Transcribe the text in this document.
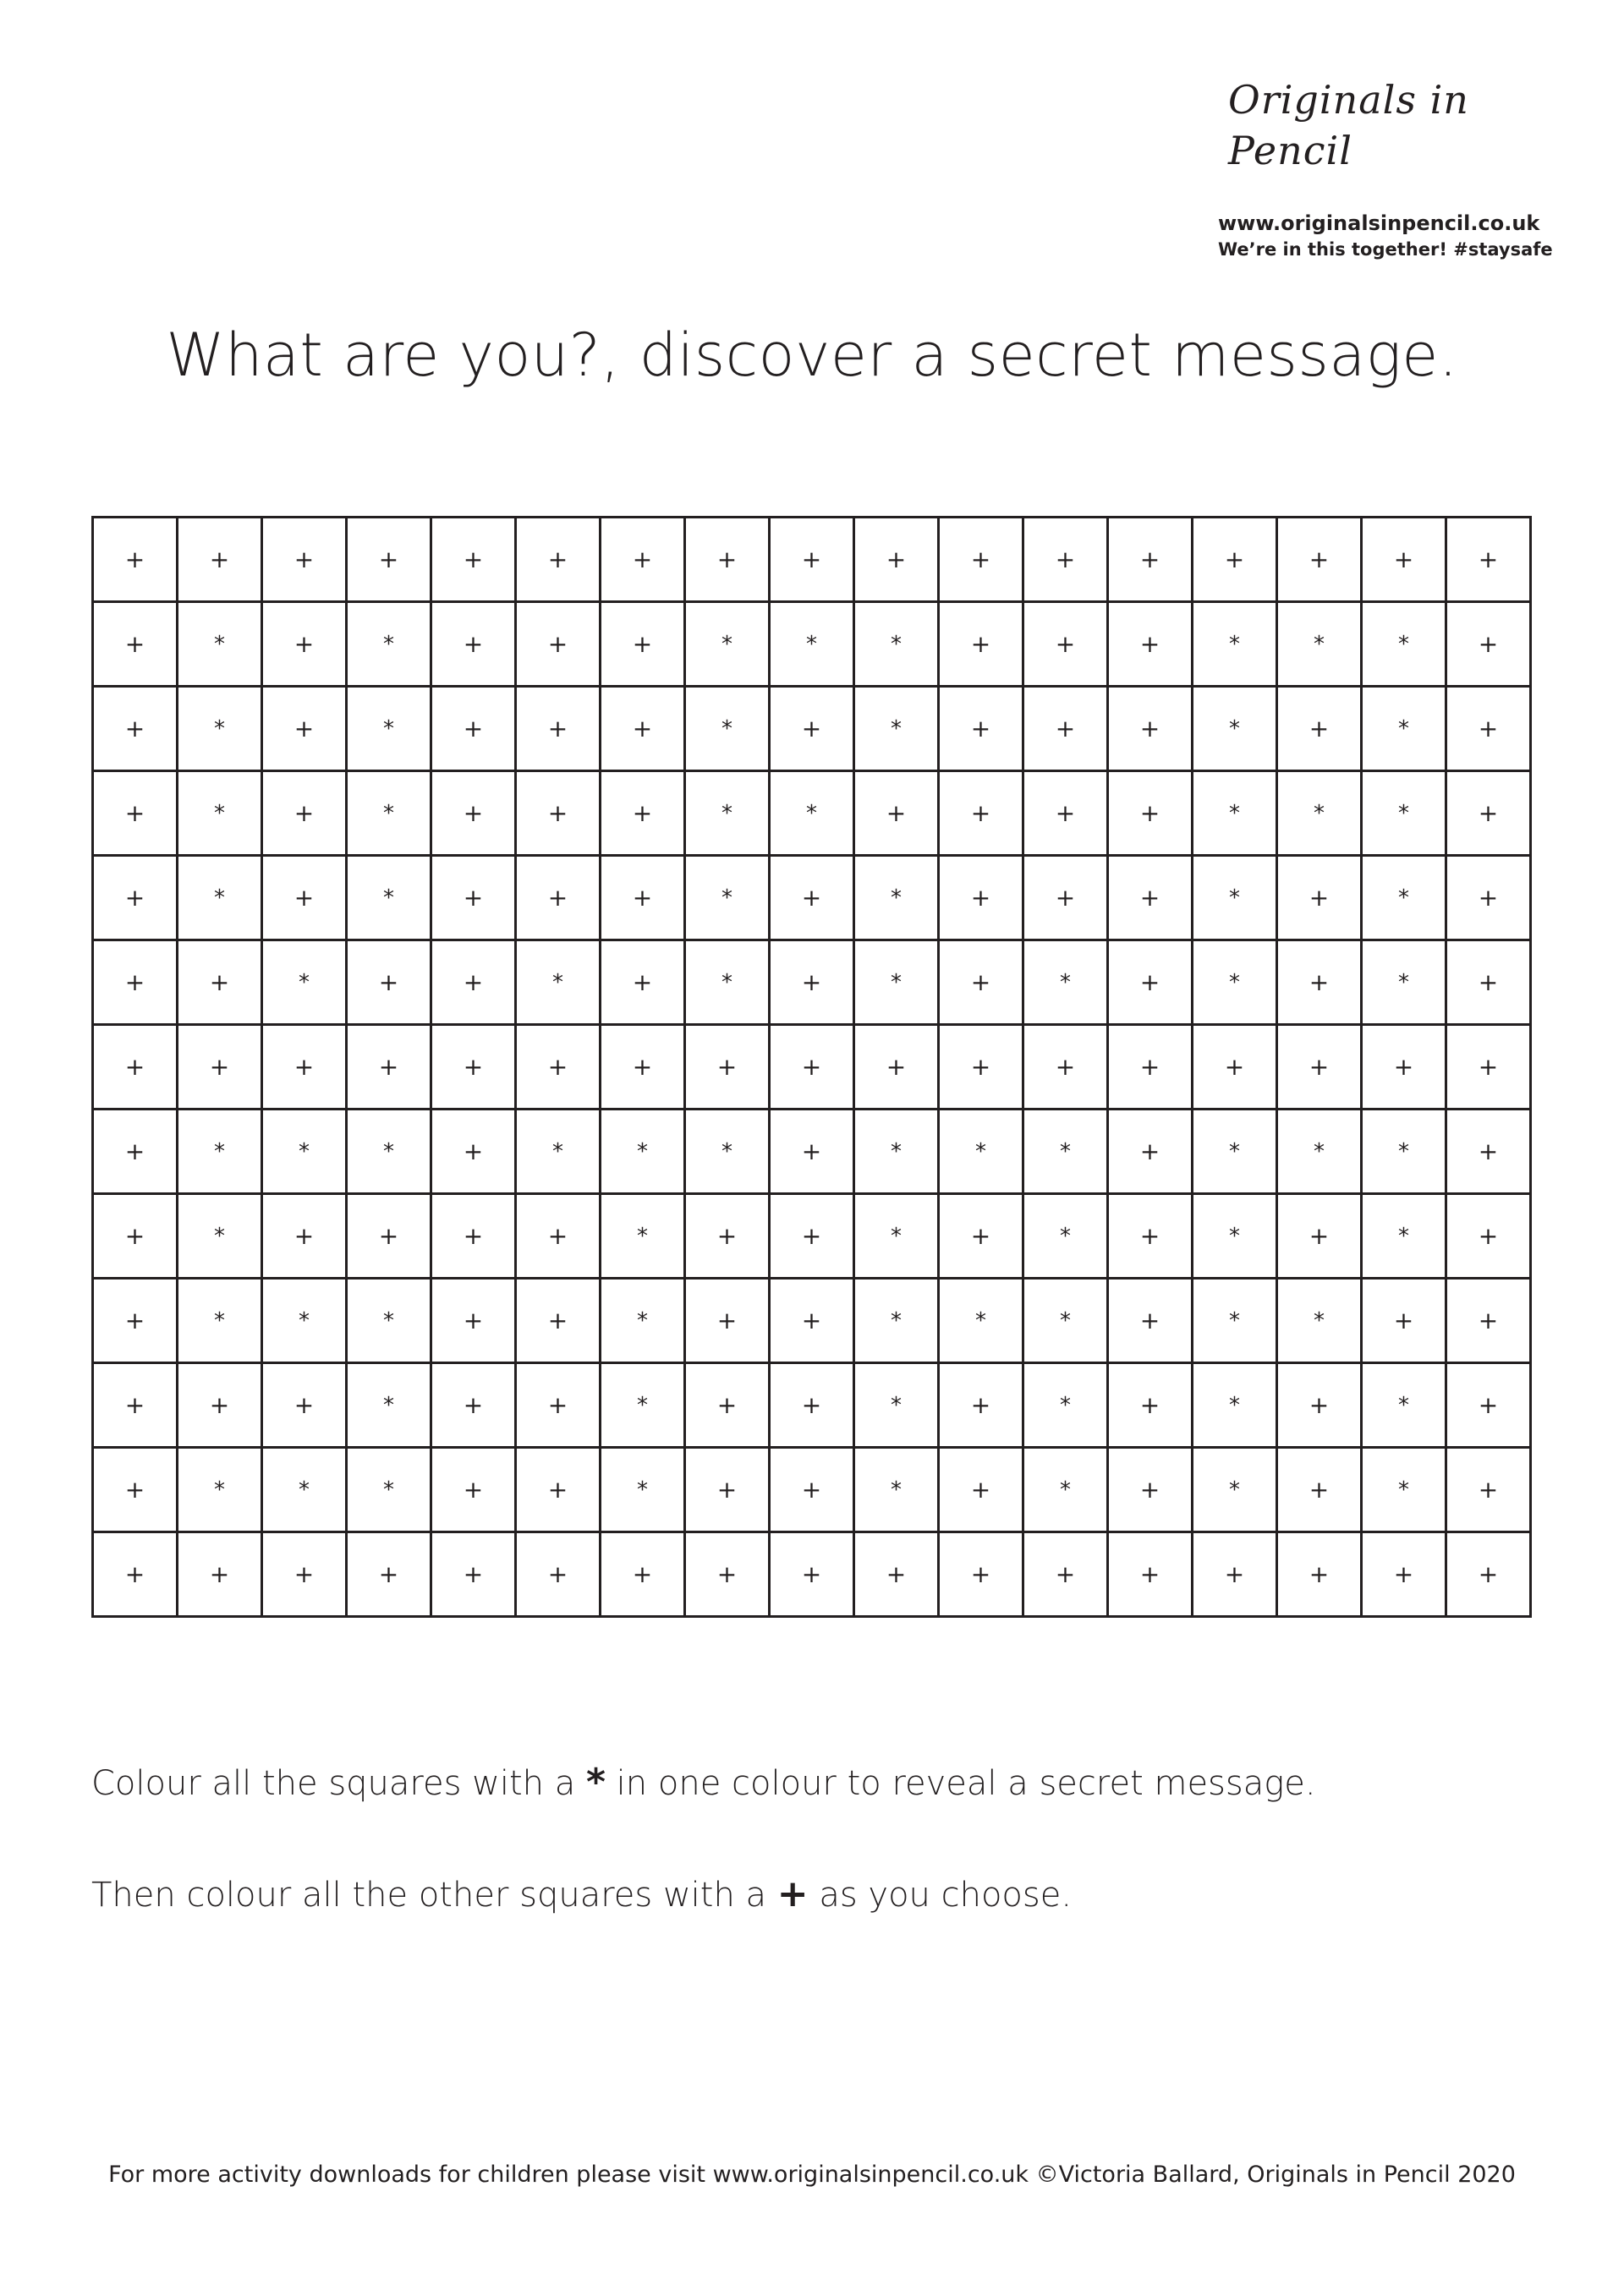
Originals in Pencil
www.originalsinpencil.co.uk
We’re in this together! #staysafe
What are you?, discover a secret message.
+	+	+	+	+	+	+	+	+	+	+	+	+	+	+	+	+
+	*	+	*	+	+	+	*	*	*	+	+	+	*	*	*	+
+	*	+	*	+	+	+	*	+	*	+	+	+	*	+	*	+
+	*	+	*	+	+	+	*	*	+	+	+	+	*	*	*	+
+	*	+	*	+	+	+	*	+	*	+	+	+	*	+	*	+
+	+	*	+	+	*	+	*	+	*	+	*	+	*	+	*	+
+	+	+	+	+	+	+	+	+	+	+	+	+	+	+	+	+
+	*	*	*	+	*	*	*	+	*	*	*	+	*	*	*	+
+	*	+	+	+	+	*	+	+	*	+	*	+	*	+	*	+
+	*	*	*	+	+	*	+	+	*	*	*	+	*	*	+	+
+	+	+	*	+	+	*	+	+	*	+	*	+	*	+	*	+
+	*	*	*	+	+	*	+	+	*	+	*	+	*	+	*	+
+	+	+	+	+	+	+	+	+	+	+	+	+	+	+	+	+
Colour all the squares with a * in one colour to reveal a secret message.
Then colour all the other squares with a + as you choose.
For more activity downloads for children please visit www.originalsinpencil.co.uk ©Victoria Ballard, Originals in Pencil 2020
